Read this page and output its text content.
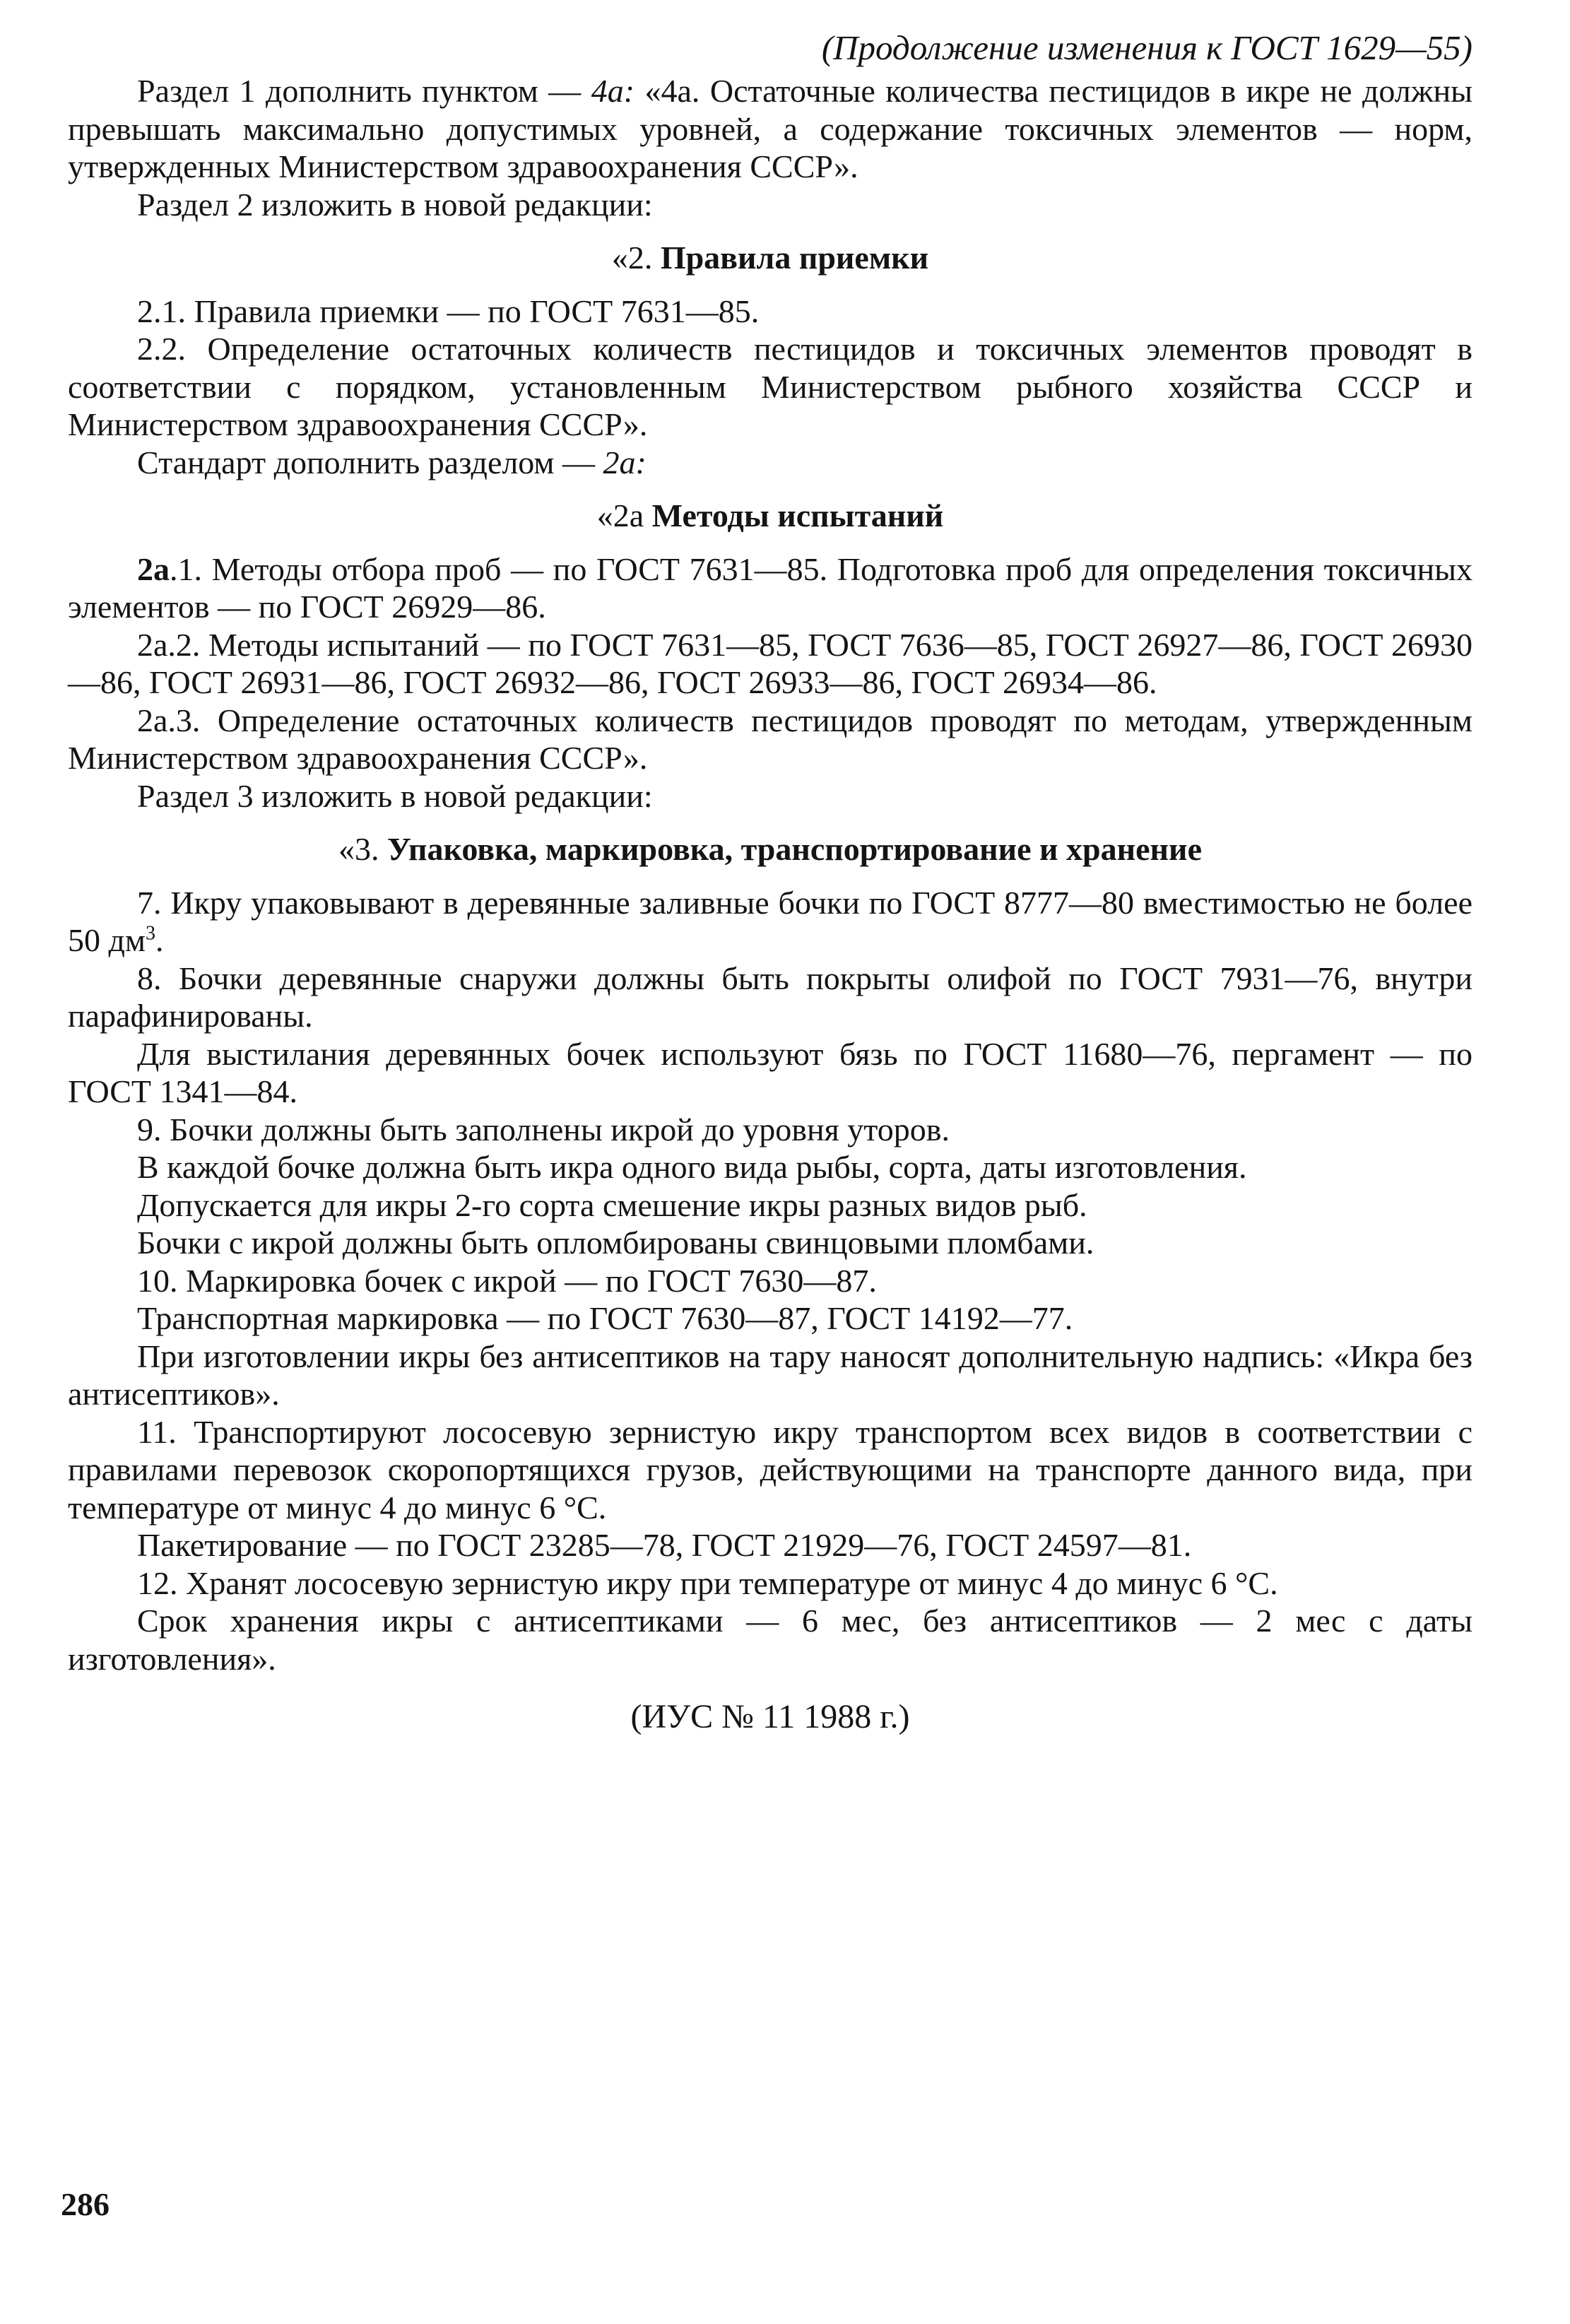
(Продолжение изменения к ГОСТ 1629—55)

Раздел 1 дополнить пунктом — 4а: «4а. Остаточные количества пестицидов в икре не должны превышать максимально допустимых уровней, а содержание токсичных элементов — норм, утвержденных Министерством здравоохранения СССР».

Раздел 2 изложить в новой редакции:

«2. Правила приемки

2.1. Правила приемки — по ГОСТ 7631—85.

2.2. Определение остаточных количеств пестицидов и токсичных элементов проводят в соответствии с порядком, установленным Министерством рыбного хозяйства СССР и Министерством здравоохранения СССР».

Стандарт дополнить разделом — 2а:

«2а Методы испытаний

2а.1. Методы отбора проб — по ГОСТ 7631—85. Подготовка проб для определения токсичных элементов — по ГОСТ 26929—86.

2а.2. Методы испытаний — по ГОСТ 7631—85, ГОСТ 7636—85, ГОСТ 26927—86, ГОСТ 26930—86, ГОСТ 26931—86, ГОСТ 26932—86, ГОСТ 26933—86, ГОСТ 26934—86.

2а.3. Определение остаточных количеств пестицидов проводят по методам, утвержденным Министерством здравоохранения СССР».

Раздел 3 изложить в новой редакции:

«3. Упаковка, маркировка, транспортирование и хранение

7. Икру упаковывают в деревянные заливные бочки по ГОСТ 8777—80 вместимостью не более 50 $дм^3$.

8. Бочки деревянные снаружи должны быть покрыты олифой по ГОСТ 7931—76, внутри парафинированы.

Для выстилания деревянных бочек используют бязь по ГОСТ 11680—76, пергамент — по ГОСТ 1341—84.

9. Бочки должны быть заполнены икрой до уровня уторов.

В каждой бочке должна быть икра одного вида рыбы, сорта, даты изготовления.

Допускается для икры 2-го сорта смешение икры разных видов рыб.

Бочки с икрой должны быть опломбированы свинцовыми пломбами.

10. Маркировка бочек с икрой — по ГОСТ 7630—87.

Транспортная маркировка — по ГОСТ 7630—87, ГОСТ 14192—77.

При изготовлении икры без антисептиков на тару наносят дополнительную надпись: «Икра без антисептиков».

11. Транспортируют лососевую зернистую икру транспортом всех видов в соответствии с правилами перевозок скоропортящихся грузов, действующими на транспорте данного вида, при температуре от минус 4 до минус 6 °С.

Пакетирование — по ГОСТ 23285—78, ГОСТ 21929—76, ГОСТ 24597—81.

12. Хранят лососевую зернистую икру при температуре от минус 4 до минус 6 °С.

Срок хранения икры с антисептиками — 6 мес, без антисептиков — 2 мес с даты изготовления».

(ИУС № 11 1988 г.)
286
